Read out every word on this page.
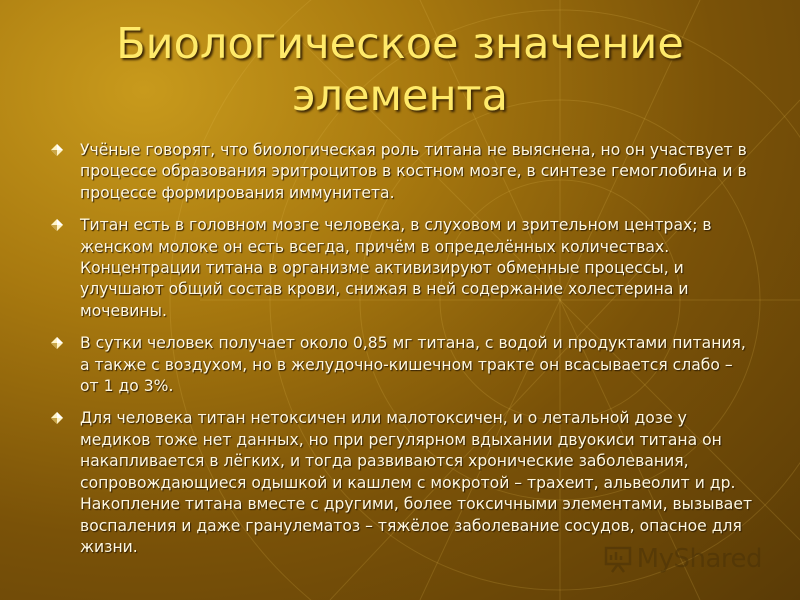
Биологическое значение
элемента
Учёные говорят, что биологическая роль титана не выяснена, но он участвует в процессе образования эритроцитов в костном мозге, в синтезе гемоглобина и в процессе формирования иммунитета.
Титан есть в головном мозге человека, в слуховом и зрительном центрах; в женском молоке он есть всегда, причём в определённых количествах. Концентрации титана в организме активизируют обменные процессы, и улучшают общий состав крови, снижая в ней содержание холестерина и мочевины.
В сутки человек получает около 0,85 мг титана, с водой и продуктами питания, а также с воздухом, но в желудочно-кишечном тракте он всасывается слабо – от 1 до 3%.
Для человека титан нетоксичен или малотоксичен, и о летальной дозе у медиков тоже нет данных, но при регулярном вдыхании двуокиси титана он накапливается в лёгких, и тогда развиваются хронические заболевания, сопровождающиеся одышкой и кашлем с мокротой – трахеит, альвеолит и др. Накопление титана вместе с другими, более токсичными элементами, вызывает воспаления и даже гранулематоз – тяжёлое заболевание сосудов, опасное для жизни.	MyShared
